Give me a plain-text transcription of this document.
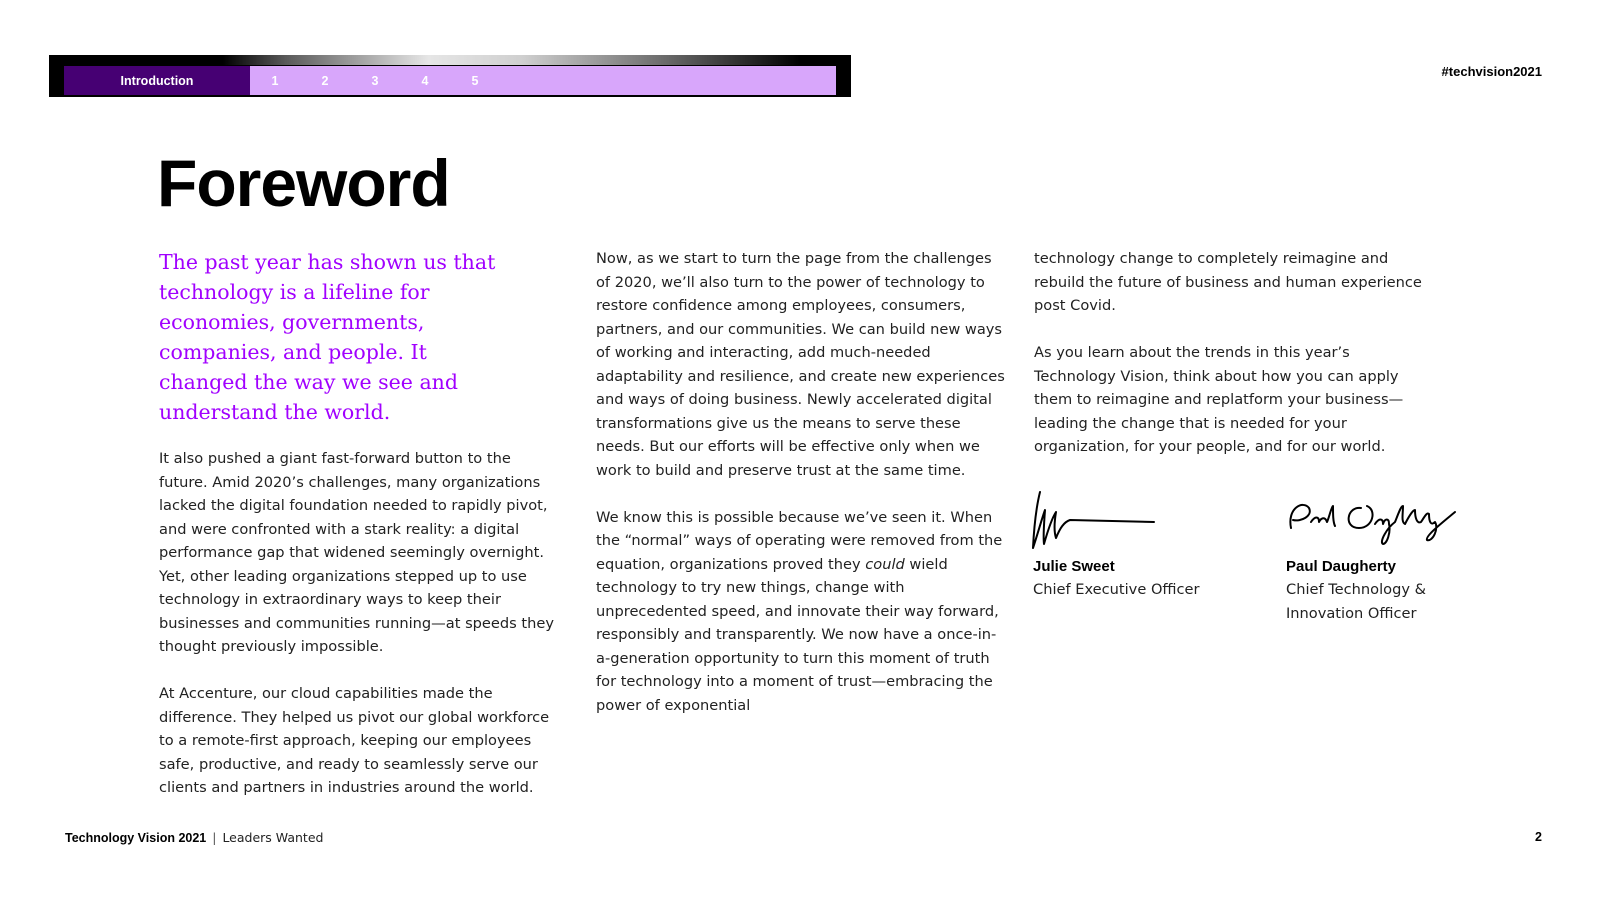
Introduction	1	2	3	4	5
#techvision2021
Foreword

The past year has shown us that technology is a lifeline for economies, governments, companies, and people. It changed the way we see and understand the world.

It also pushed a giant fast-forward button to the future. Amid 2020’s challenges, many organizations lacked the digital foundation needed to rapidly pivot, and were confronted with a stark reality: a digital performance gap that widened seemingly overnight. Yet, other leading organizations stepped up to use technology in extraordinary ways to keep their businesses and communities running—at speeds they thought previously impossible.

At Accenture, our cloud capabilities made the difference. They helped us pivot our global workforce to a remote-first approach, keeping our employees safe, productive, and ready to seamlessly serve our clients and partners in industries around the world.

Now, as we start to turn the page from the challenges of 2020, we’ll also turn to the power of technology to restore confidence among employees, consumers, partners, and our communities. We can build new ways of working and interacting, add much-needed adaptability and resilience, and create new experiences and ways of doing business. Newly accelerated digital transformations give us the means to serve these needs. But our efforts will be effective only when we work to build and preserve trust at the same time.

We know this is possible because we’ve seen it. When the “normal” ways of operating were removed from the equation, organizations proved they could wield technology to try new things, change with unprecedented speed, and innovate their way forward, responsibly and transparently. We now have a once-in-a-generation opportunity to turn this moment of truth for technology into a moment of trust—embracing the power of exponential

technology change to completely reimagine and rebuild the future of business and human experience post Covid.

As you learn about the trends in this year’s Technology Vision, think about how you can apply them to reimagine and replatform your business—leading the change that is needed for your organization, for your people, and for our world.

Julie Sweet
Chief Executive Officer
Paul Daugherty
Chief Technology & Innovation Officer
Technology Vision 2021 | Leaders Wanted	2
